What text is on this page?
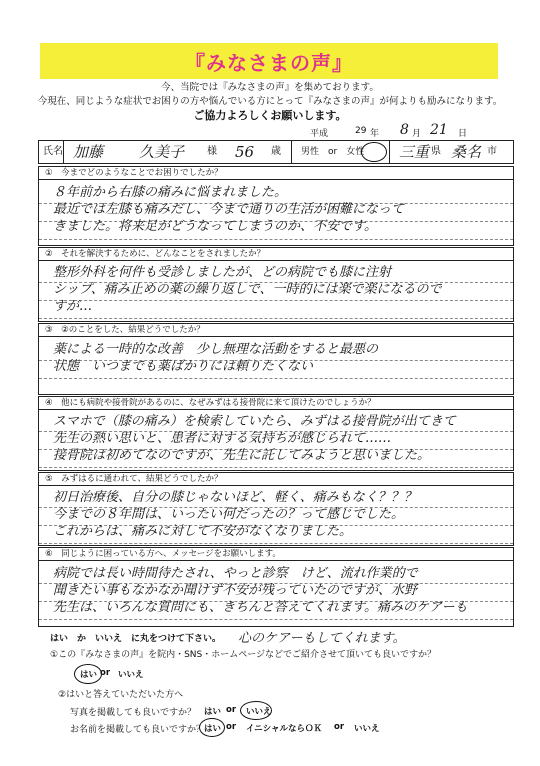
『みなさまの声』
今、当院では『みなさまの声』を集めております。
今現在、同じような症状でお困りの方や悩んでいる方にとって『みなさまの声』が何よりも励みになります。
ご協力よろしくお願いします。
平成	29 年 8 月 21 日
氏名 加藤 久美子 様 56 歳 男性　or　女性 三重 県 桑名 市
①　今までどのようなことでお困りでしたか？
８年前から右膝の痛みに悩まれました。
最近では左膝も痛みだし、今まで通りの生活が困難になって
きました。将来足がどうなってしまうのか、不安です。
②　それを解決するために、どんなことをされましたか？
整形外科を何件も受診しましたが、どの病院でも膝に注射
シップ、痛み止めの薬の繰り返しで、一時的には楽で楽になるので
すが…
③　②のことをした、結果どうでしたか？
薬による一時的な改善　少し無理な活動をすると最悪の
状態　いつまでも薬ばかりには頼りたくない
④　他にも病院や接骨院があるのに、なぜみずはる接骨院に来て頂けたのでしょうか？
スマホで（膝の痛み）を検索していたら、みずはる接骨院が出てきて
先生の熱い思いと、患者に対する気持ちが感じられて……
接骨院は初めてなのですが、先生に託してみようと思いました。
⑤　みずはるに通われて、結果どうでしたか？
初日治療後、自分の膝じゃないほど、軽く、痛みもなく？？？
今までの８年間は、いったい何だったの？って感じでした。
これからは、痛みに対して不安がなくなりました。
⑥　同じように困っている方へ、メッセージをお願いします。
病院では長い時間待たされ、やっと診察　けど、流れ作業的で
聞きたい事もなかなか聞けず不安が残っていたのですが、水野
先生は、いろんな質問にも、きちんと答えてくれます。痛みのケアーも
はい　か　いいえ　に丸をつけて下さい。 心のケアーもしてくれます。
①この『みなさまの声』を院内・SNS・ホームページなどでご紹介させて頂いても良いですか？
はい or いいえ
②はいと答えていただいた方へ
写真を掲載しても良いですか？ はい or いいえ
お名前を掲載しても良いですか？
はい or イニシャルならＯＫ or いいえ
